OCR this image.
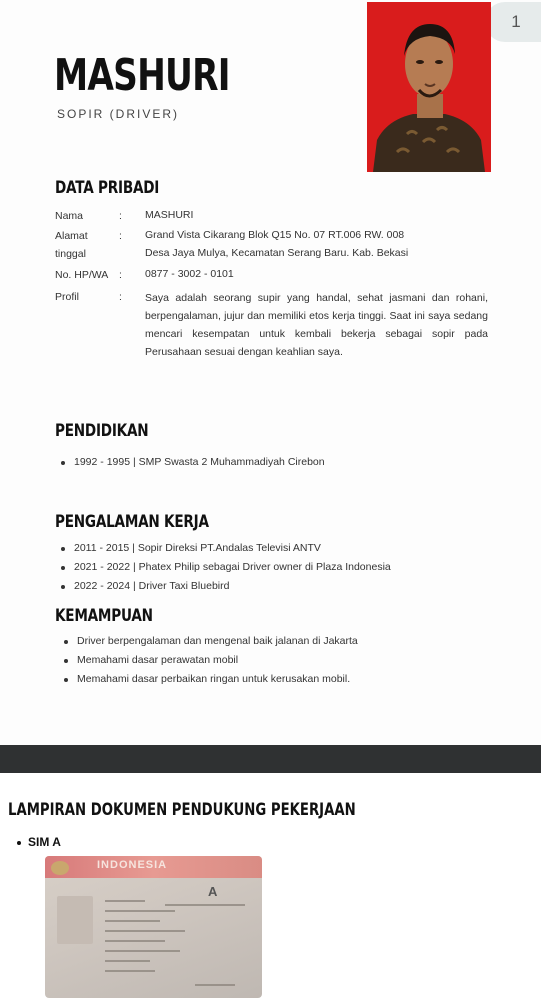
1
MASHURI
SOPIR (DRIVER)
DATA PRIBADI
Nama	: MASHURI
Alamat
tinggal
: Grand Vista Cikarang Blok Q15 No. 07 RT.006 RW. 008
Desa Jaya Mulya, Kecamatan Serang Baru. Kab. Bekasi
No. HP/WA : 0877 - 3002 - 0101
Profil	: Saya adalah seorang supir yang handal, sehat jasmani dan rohani, berpengalaman, jujur dan memiliki etos kerja tinggi. Saat ini saya sedang mencari kesempatan untuk kembali bekerja sebagai sopir pada Perusahaan sesuai dengan keahlian saya.
PENDIDIKAN
1992 - 1995 | SMP Swasta 2 Muhammadiyah Cirebon
PENGALAMAN KERJA
2011 - 2015 | Sopir Direksi PT.Andalas Televisi ANTV
2021 - 2022 | Phatex Philip sebagai Driver owner di Plaza Indonesia
2022 - 2024 | Driver Taxi Bluebird
KEMAMPUAN
Driver berpengalaman dan mengenal baik jalanan di Jakarta
Memahami dasar perawatan mobil
Memahami dasar perbaikan ringan untuk kerusakan mobil.
LAMPIRAN DOKUMEN PENDUKUNG PEKERJAAN
SIM A
INDONESIA
A
